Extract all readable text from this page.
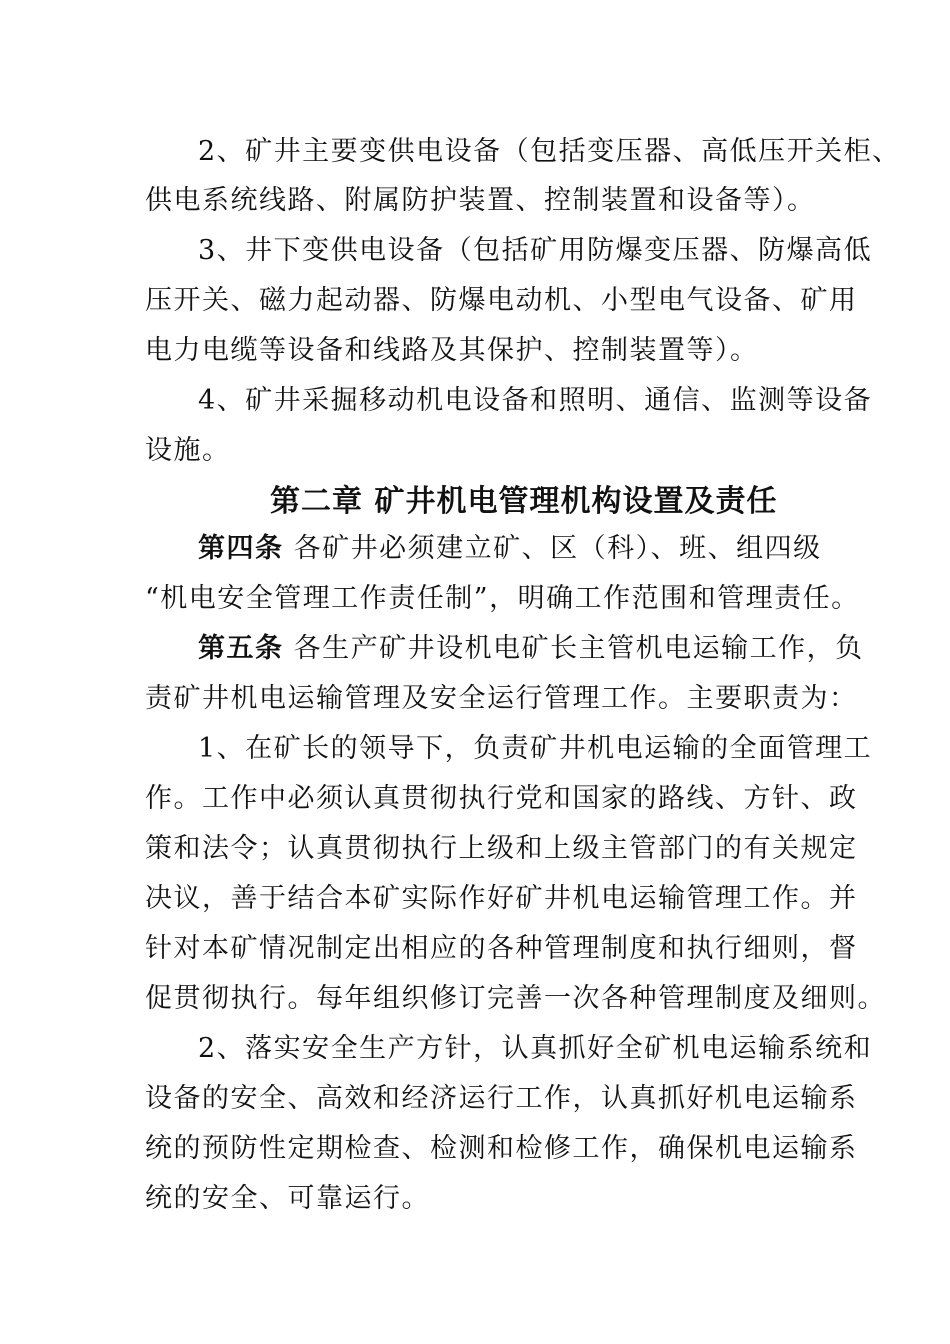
2、矿井主要变供电设备（包括变压器、高低压开关柜、
供电系统线路、附属防护装置、控制装置和设备等）。
3、井下变供电设备（包括矿用防爆变压器、防爆高低
压开关、磁力起动器、防爆电动机、小型电气设备、矿用
电力电缆等设备和线路及其保护、控制装置等）。
4、矿井采掘移动机电设备和照明、通信、监测等设备
设施。
第二章 矿井机电管理机构设置及责任
第四条 各矿井必须建立矿、区（科）、班、组四级
“机电安全管理工作责任制”，明确工作范围和管理责任。
第五条 各生产矿井设机电矿长主管机电运输工作，负
责矿井机电运输管理及安全运行管理工作。主要职责为：
1、在矿长的领导下，负责矿井机电运输的全面管理工
作。工作中必须认真贯彻执行党和国家的路线、方针、政
策和法令；认真贯彻执行上级和上级主管部门的有关规定
决议，善于结合本矿实际作好矿井机电运输管理工作。并
针对本矿情况制定出相应的各种管理制度和执行细则，督
促贯彻执行。每年组织修订完善一次各种管理制度及细则。
2、落实安全生产方针，认真抓好全矿机电运输系统和
设备的安全、高效和经济运行工作，认真抓好机电运输系
统的预防性定期检查、检测和检修工作，确保机电运输系
统的安全、可靠运行。
